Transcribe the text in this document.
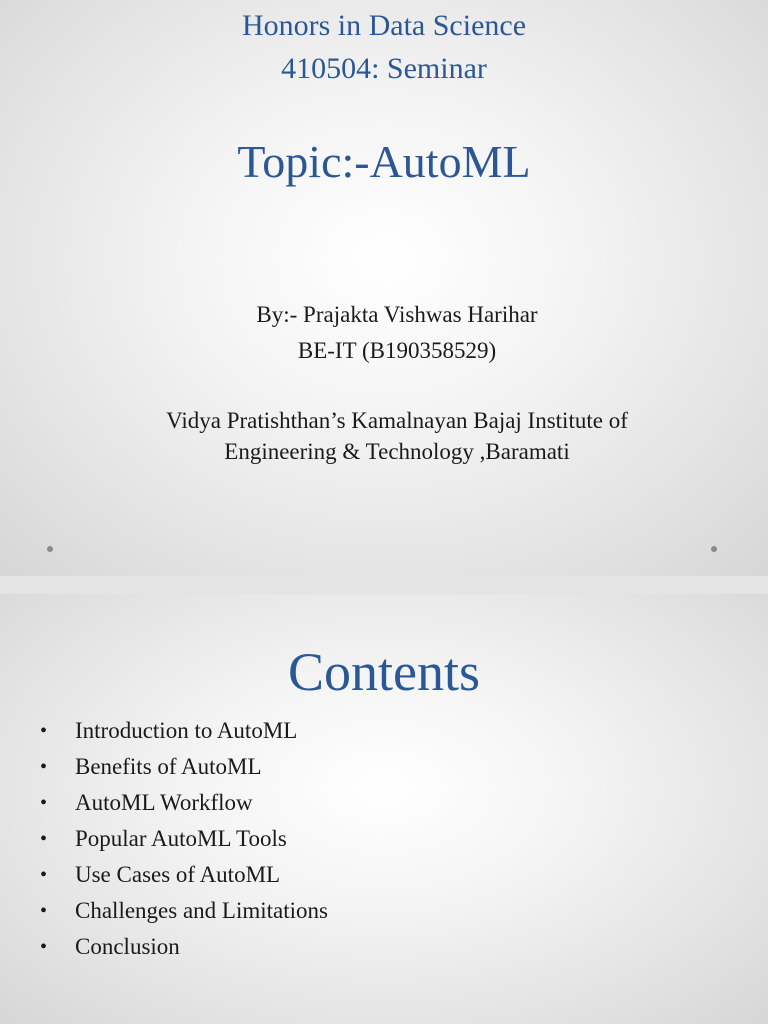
Honors in Data Science
410504: Seminar
Topic:-AutoML
By:- Prajakta Vishwas Harihar
BE-IT (B190358529)
Vidya Pratishthan’s Kamalnayan Bajaj Institute of
Engineering & Technology ,Baramati
Contents
• Introduction to AutoML
• Benefits of AutoML
• AutoML Workflow
• Popular AutoML Tools
• Use Cases of AutoML
• Challenges and Limitations
• Conclusion
